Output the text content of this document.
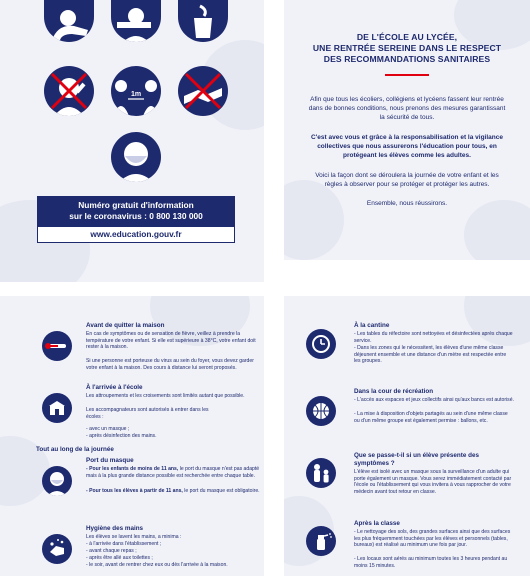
1m
Numéro gratuit d'information
sur le coronavirus : 0 800 130 000
www.education.gouv.fr
DE L'ÉCOLE AU LYCÉE,
UNE RENTRÉE SEREINE DANS LE RESPECT
DES RECOMMANDATIONS SANITAIRES
Afin que tous les écoliers, collégiens et lycéens fassent leur rentrée dans de bonnes conditions, nous prenons des mesures garantissant la sécurité de tous.
C'est avec vous et grâce à la responsabilisation et la vigilance collectives que nous assurerons l'éducation pour tous, en protégeant les élèves comme les adultes.
Voici la façon dont se déroulera la journée de votre enfant et les règles à observer pour se protéger et protéger les autres.
Ensemble, nous réussirons.
Avant de quitter la maison
En cas de symptômes ou de sensation de fièvre, veillez à prendre la température de votre enfant. Si elle est supérieure à 38°C, votre enfant doit rester à la maison.
Si une personne est porteuse du virus au sein du foyer, vous devez garder votre enfant à la maison. Des cours à distance lui seront proposés.
À l'arrivée à l'école
Les attroupements et les croisements sont limités autant que possible.
Les accompagnateurs sont autorisés à entrer dans les écoles :
- avec un masque ;
- après désinfection des mains.
Tout au long de la journée
Port du masque
- Pour les enfants de moins de 11 ans, le port du masque n'est pas adapté mais à la plus grande distance possible est recherchée entre chaque table.
- Pour tous les élèves à partir de 11 ans, le port du masque est obligatoire.
Hygiène des mains
Les élèves se lavent les mains, a minima :
- à l'arrivée dans l'établissement ;
- avant chaque repas ;
- après être allé aux toilettes ;
- le soir, avant de rentrer chez eux ou dès l'arrivée à la maison.
À la cantine
- Les tables du réfectoire sont nettoyées et désinfectées après chaque service.
- Dans les zones qui le nécessitent, les élèves d'une même classe déjeunent ensemble et une distance d'un mètre est respectée entre les groupes.
Dans la cour de récréation
- L'accès aux espaces et jeux collectifs ainsi qu'aux bancs est autorisé.
- La mise à disposition d'objets partagés au sein d'une même classe ou d'un même groupe est également permise : ballons, etc.
Que se passe-t-il si un élève présente des symptômes ?
L'élève est isolé avec un masque sous la surveillance d'un adulte qui porte également un masque. Vous serez immédiatement contacté par l'école ou l'établissement qui vous invitera à vous rapprocher de votre médecin avant tout retour en classe.
Après la classe
- Le nettoyage des sols, des grandes surfaces ainsi que des surfaces les plus fréquemment touchées par les élèves et personnels (tables, bureaux) est réalisé au minimum une fois par jour.
- Les locaux sont aérés au minimum toutes les 3 heures pendant au moins 15 minutes.
